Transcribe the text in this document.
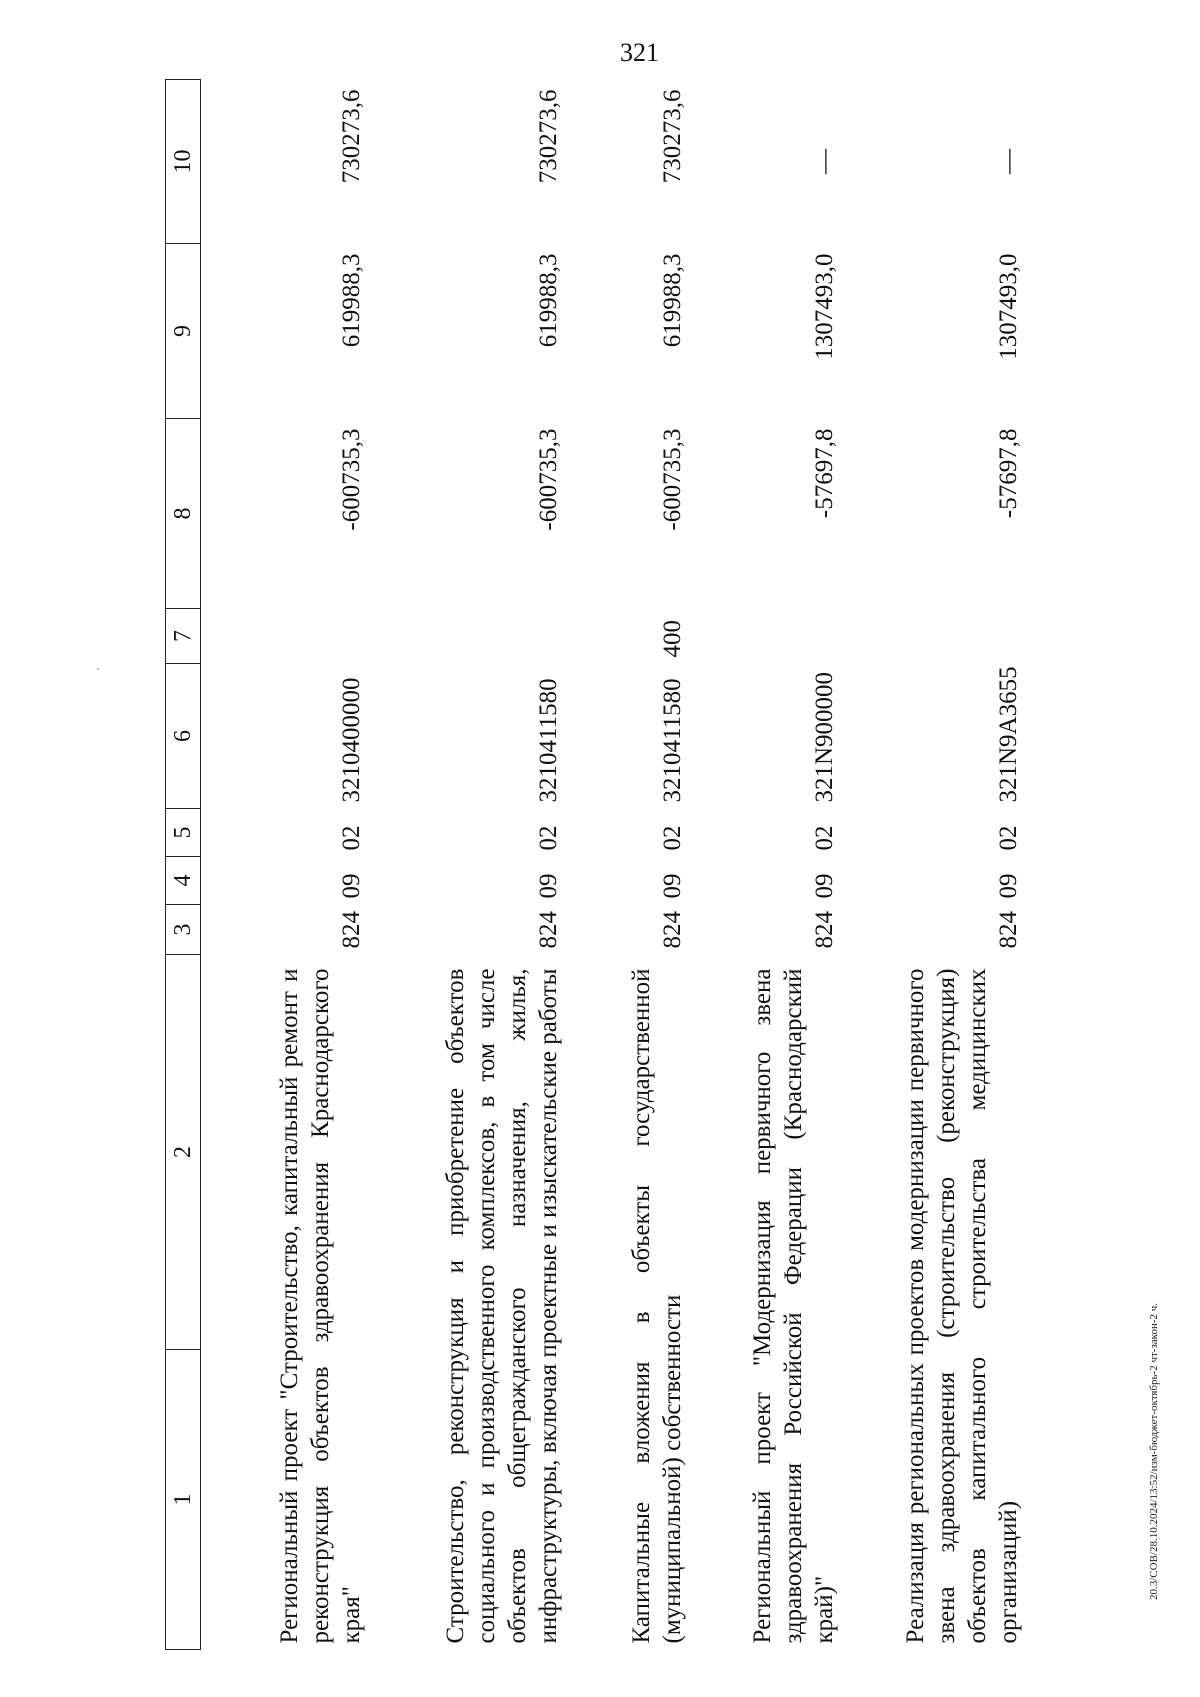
321
1	2	3	4	5	6	7	8	9	10
Региональный проект "Строительство, капитальный ремонт и реконструкция объектов здравоохранения Краснодарского края"		824	09	02	3210400000		-600735,3	619988,3	730273,6
Строительство, реконструкция и приобретение объектов социального и производственного комплексов, в том числе объектов общегражданского назначения, жилья, инфраструктуры, включая проектные и изыскательские работы		824	09	02	3210411580		-600735,3	619988,3	730273,6
Капитальные вложения в объекты государственной (муниципальной) собственности		824	09	02	3210411580	400	-600735,3	619988,3	730273,6
Региональный проект "Модернизация первичного звена здравоохранения Российской Федерации (Краснодарский край)"		824	09	02	321N900000		-57697,8	1307493,0	—
Реализация региональных проектов модернизации первичного звена здравоохранения (строительство (реконструкция) объектов капитального строительства медицинских организаций)		824	09	02	321N9A3655		-57697,8	1307493,0	—
20.3/СОВ/28.10.2024/13:52/изм-бюджет-октябрь-2 чт-закон-2 ч.
